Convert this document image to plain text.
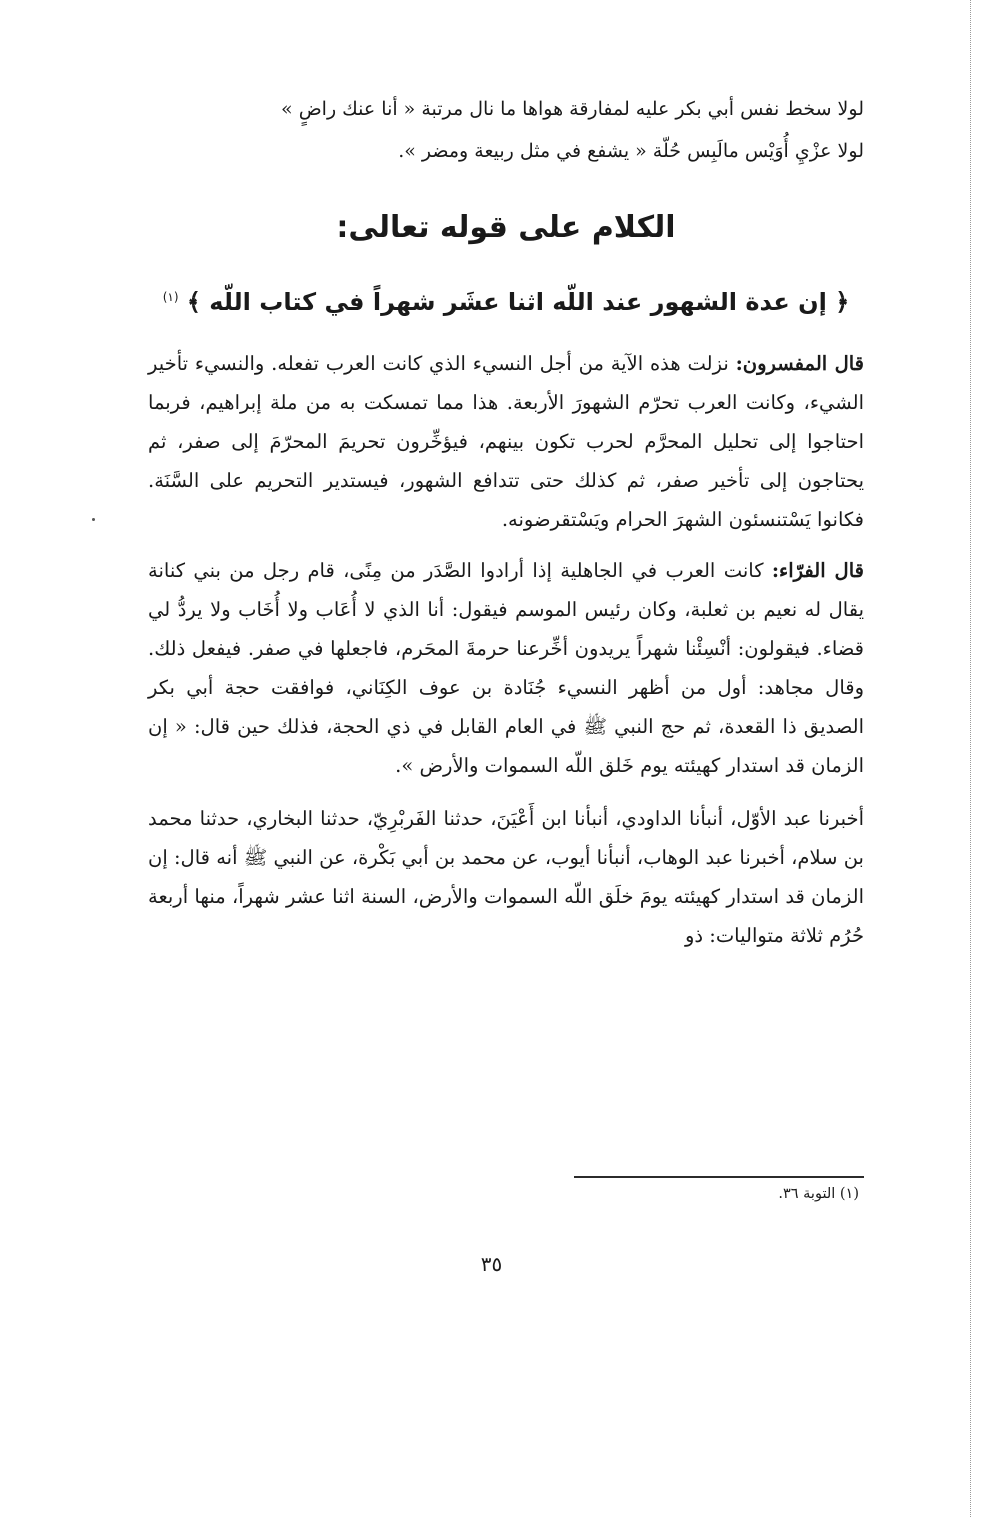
لولا سخط نفس أبي بكر عليه لمفارقة هواها ما نال مرتبة « أنا عنك راضٍ »
لولا عزْيِ أُوَيْس مالَبِس حُلّة « يشفع في مثل ربيعة ومضر ».

الكلام على قوله تعالى:
﴿ إن عدة الشهور عند اللّه اثنا عشَر شهراً في كتاب اللّه ﴾ $^{(١)}$

قال المفسرون: نزلت هذه الآية من أجل النسيء الذي كانت العرب تفعله. والنسيء تأخير الشيء، وكانت العرب تحرّم الشهورَ الأربعة. هذا مما تمسكت به من ملة إبراهيم، فربما احتاجوا إلى تحليل المحرَّم لحرب تكون بينهم، فيؤخِّرون تحريمَ المحرّمَ إلى صفر، ثم يحتاجون إلى تأخير صفر، ثم كذلك حتى تتدافع الشهور، فيستدير التحريم على السَّنَة. فكانوا يَسْتنسئون الشهرَ الحرام ويَسْتقرضونه.

قال الفرّاء: كانت العرب في الجاهلية إذا أرادوا الصَّدَر من مِنًى، قام رجل من بني كنانة يقال له نعيم بن ثعلبة، وكان رئيس الموسم فيقول: أنا الذي لا أُعَاب ولا أُخَاب ولا يردُّ لي قضاء. فيقولون: أنْسِئْنا شهراً يريدون أخِّرعنا حرمةَ المحَرم، فاجعلها في صفر. فيفعل ذلك. وقال مجاهد: أول من أظهر النسيء جُنَادة بن عوف الكِنَاني، فوافقت حجة أبي بكر الصديق ذا القعدة، ثم حج النبي ﷺ في العام القابل في ذي الحجة، فذلك حين قال: « إن الزمان قد استدار كهيئته يوم خَلق اللّه السموات والأرض ».

أخبرنا عبد الأوّل، أنبأنا الداودي، أنبأنا ابن أَعْيَنَ، حدثنا الفَربْرِيّ، حدثنا البخاري، حدثنا محمد بن سلام، أخبرنا عبد الوهاب، أنبأنا أيوب، عن محمد بن أبي بَكْرة، عن النبي ﷺ أنه قال: إن الزمان قد استدار كهيئته يومَ خلَق اللّه السموات والأرض، السنة اثنا عشر شهراً، منها أربعة حُرُم ثلاثة متواليات: ذو

(١) التوبة ٣٦.

٣٥
